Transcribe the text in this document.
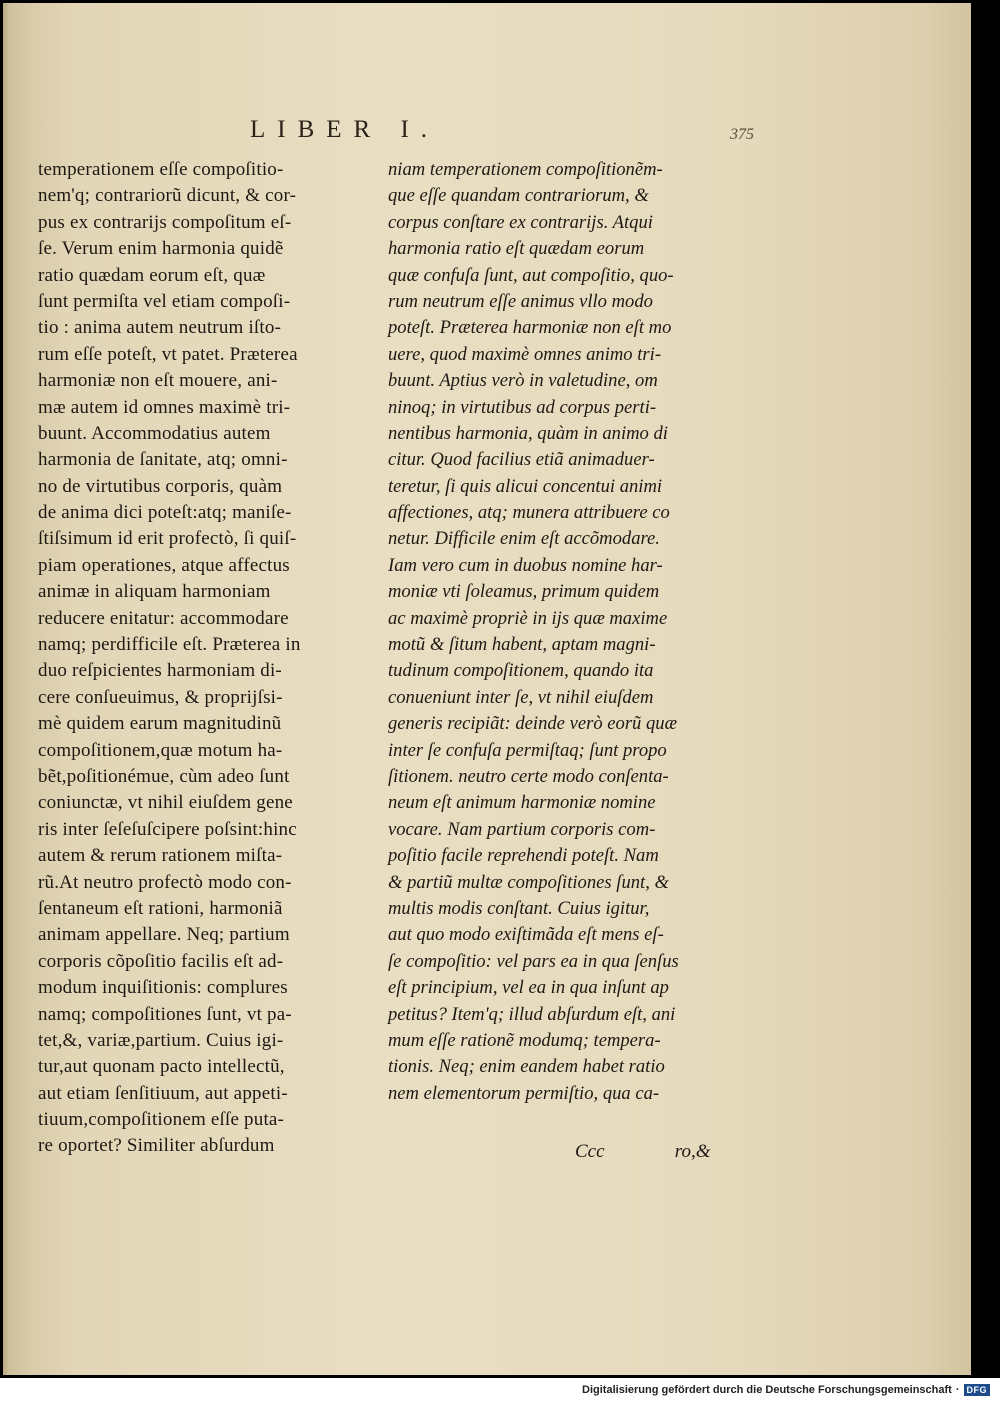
LIBER I.	375
temperationem eſſe compoſitio-
nem'q; contrariorũ dicunt, & cor-
pus ex contrarijs compoſitum eſ-
ſe. Verum enim harmonia quidẽ
ratio quædam eorum eſt, quæ
ſunt permiſta vel etiam compoſi-
tio : anima autem neutrum iſto-
rum eſſe poteſt, vt patet. Præterea
harmoniæ non eſt mouere, ani-
mæ autem id omnes maximè tri-
buunt. Accommodatius autem
harmonia de ſanitate, atq; omni-
no de virtutibus corporis, quàm
de anima dici poteſt:atq; maniſe-
ſtiſsimum id erit profectò, ſi quiſ-
piam operationes, atque affectus
animæ in aliquam harmoniam
reducere enitatur: accommodare
namq; perdifficile eſt. Præterea in
duo reſpicientes harmoniam di-
cere conſueuimus, & propriјſsi-
mè quidem earum magnitudinũ
compoſitionem,quæ motum ha-
bẽt,poſitionémue, cùm adeo ſunt
coniunctæ, vt nihil eiuſdem gene
ris inter ſeſeſuſcipere poſsint:hinc
autem & rerum rationem miſta-
rũ.At neutro profectò modo con-
ſentaneum eſt rationi, harmoniã
animam appellare. Neq; partium
corporis cõpoſitio facilis eſt ad-
modum inquiſitionis: complures
namq; compoſitiones ſunt, vt pa-
tet,&, variæ,partium. Cuius igi-
tur,aut quonam pacto intellectũ,
aut etiam ſenſitiuum, aut appeti-
tiuum,compoſitionem eſſe puta-
re oportet? Similiter abſurdum
niam temperationem compoſitionẽm-
que eſſe quandam contrariorum, &
corpus conſtare ex contrarijs. Atqui
harmonia ratio eſt quædam eorum
quæ confuſa ſunt, aut compoſitio, quo-
rum neutrum eſſe animus vllo modo
poteſt. Præterea harmoniæ non eſt mo
uere, quod maximè omnes animo tri-
buunt. Aptius verò in valetudine, om
ninoq; in virtutibus ad corpus perti-
nentibus harmonia, quàm in animo di
citur. Quod facilius etiã animaduer-
teretur, ſi quis alicui concentui animi
affectiones, atq; munera attribuere co
netur. Difficile enim eſt accõmodare.
Iam vero cum in duobus nomine har-
moniæ vti ſoleamus, primum quidem
ac maximè propriè in ijs quæ maxime
motũ & ſitum habent, aptam magni-
tudinum compoſitionem, quando ita
conueniunt inter ſe, vt nihil eiuſdem
generis recipiãt: deinde verò eorũ quæ
inter ſe confuſa permiſtaq; ſunt propo
ſitionem. neutro certe modo conſenta-
neum eſt animum harmoniæ nomine
vocare. Nam partium corporis com-
poſitio facile reprehendi poteſt. Nam
& partiũ multæ compoſitiones ſunt, &
multis modis conſtant. Cuius igitur,
aut quo modo exiſtimãda eſt mens eſ-
ſe compoſitio: vel pars ea in qua ſenſus
eſt principium, vel ea in qua inſunt ap
petitus? Item'q; illud abſurdum eſt, ani
mum eſſe rationẽ modumq; tempera-
tionis. Neq; enim eandem habet ratio
nem elementorum permiſtio, qua ca-
Ccc	ro,&
Digitalisierung gefördert durch die Deutsche Forschungsgemeinschaft · DFG
